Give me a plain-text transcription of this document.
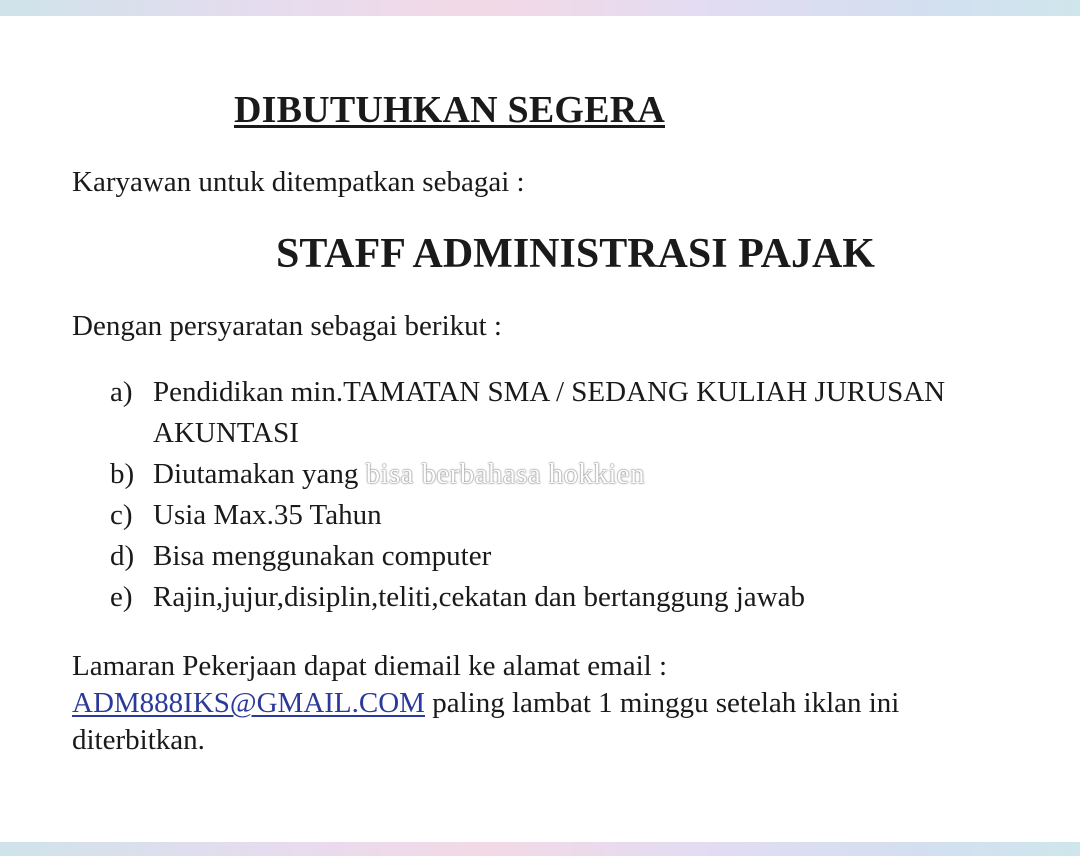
DIBUTUHKAN SEGERA
Karyawan untuk ditempatkan sebagai :
STAFF ADMINISTRASI PAJAK
Dengan persyaratan sebagai berikut :
a) Pendidikan min.TAMATAN SMA / SEDANG KULIAH JURUSAN AKUNTASI
b) Diutamakan yang bisa berbahasa hokkien
c) Usia Max.35 Tahun
d) Bisa menggunakan computer
e) Rajin,jujur,disiplin,teliti,cekatan dan bertanggung jawab

Lamaran Pekerjaan dapat diemail ke alamat email :
ADM888IKS@GMAIL.COM paling lambat 1 minggu setelah iklan ini diterbitkan.
